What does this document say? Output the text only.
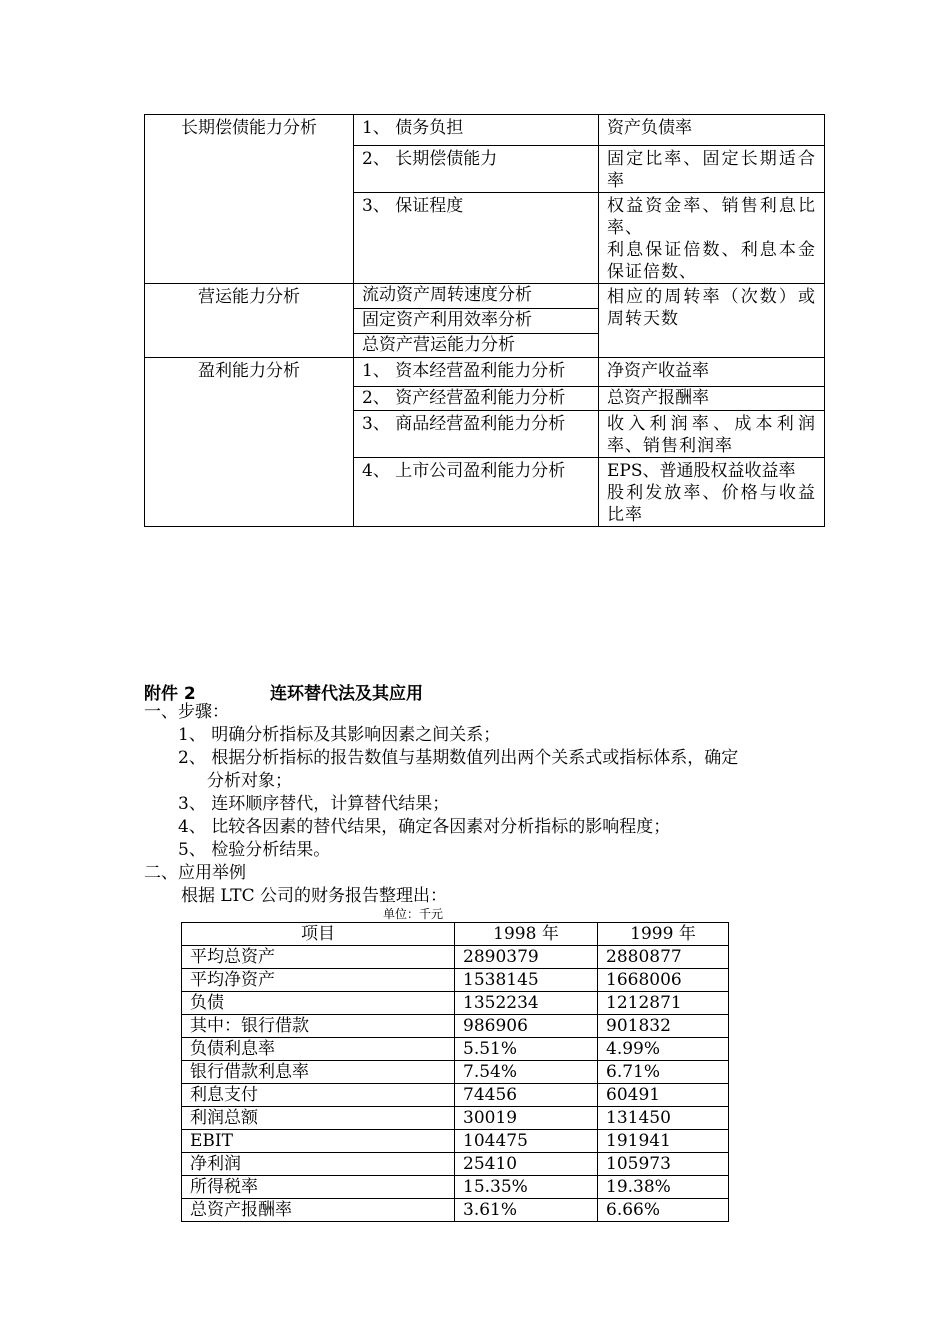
长期偿债能力分析	1、 债务负担	资产负债率
	2、 长期偿债能力	固定比率、固定长期适合率
	3、 保证程度	权益资金率、销售利息比率、
利息保证倍数、利息本金保证倍数、

营运能力分析	流动资产周转速度分析	相应的周转率（次数）或周转天数
	固定资产利用效率分析	
	总资产营运能力分析	
盈利能力分析	1、 资本经营盈利能力分析	净资产收益率
	2、 资产经营盈利能力分析	总资产报酬率
	3、 商品经营盈利能力分析	收入利润率、成本利润率、销售利润率
	4、 上市公司盈利能力分析	EPS、普通股权益收益率
股利发放率、价格与收益比率
附件 2	连环替代法及其应用
一、步骤：
1、 明确分析指标及其影响因素之间关系；
2、 根据分析指标的报告数值与基期数值列出两个关系式或指标体系，确定
分析对象；
3、 连环顺序替代，计算替代结果；
4、 比较各因素的替代结果，确定各因素对分析指标的影响程度；
5、 检验分析结果。
二、应用举例
根据 LTC 公司的财务报告整理出：
单位：千元
项目	1998 年	1999 年
平均总资产	2890379	2880877
平均净资产	1538145	1668006
负债	1352234	1212871
其中：银行借款	986906	901832
负债利息率	5.51%	4.99%
银行借款利息率	7.54%	6.71%
利息支付	74456	60491
利润总额	30019	131450
EBIT	104475	191941
净利润	25410	105973
所得税率	15.35%	19.38%
总资产报酬率	3.61%	6.66%
